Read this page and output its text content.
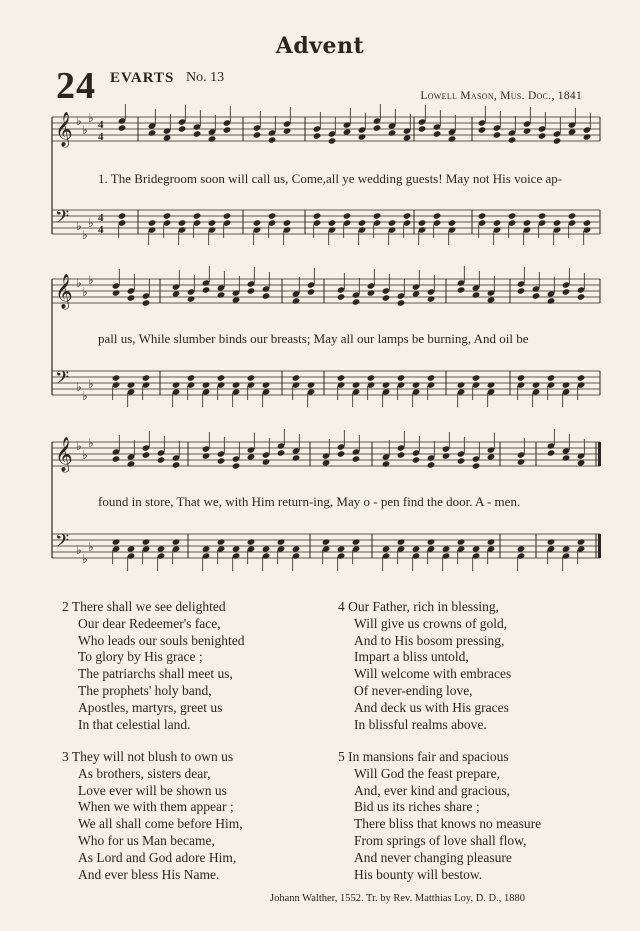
Advent
24 EVARTS No. 13
Lowell Mason, Mus. Doc., 1841
𝄞 ♭
♭
♭ 4
4
𝄢 ♭
♭
♭ 4
4
𝄞 ♭
♭
♭
𝄢 ♭
♭
♭
𝄞 ♭
♭
♭
𝄢 ♭
♭
♭
1. The Bridegroom soon will call us, Come,all ye wedding guests! May not His voice ap-
pall us, While slumber binds our breasts; May all our lamps be burning, And oil be
found in store, That we, with Him return-ing, May o - pen find the door. A - men.
2 There shall we see delighted
Our dear Redeemer's face,
Who leads our souls benighted
To glory by His grace ;
The patriarchs shall meet us,
The prophets' holy band,
Apostles, martyrs, greet us
In that celestial land.
3 They will not blush to own us
As brothers, sisters dear,
Love ever will be shown us
When we with them appear ;
We all shall come before Him,
Who for us Man became,
As Lord and God adore Him,
And ever bless His Name.
4 Our Father, rich in blessing,
Will give us crowns of gold,
And to His bosom pressing,
Impart a bliss untold,
Will welcome with embraces
Of never-ending love,
And deck us with His graces
In blissful realms above.
5 In mansions fair and spacious
Will God the feast prepare,
And, ever kind and gracious,
Bid us its riches share ;
There bliss that knows no measure
From springs of love shall flow,
And never changing pleasure
His bounty will bestow.
Johann Walther, 1552. Tr. by Rev. Matthias Loy, D. D., 1880
